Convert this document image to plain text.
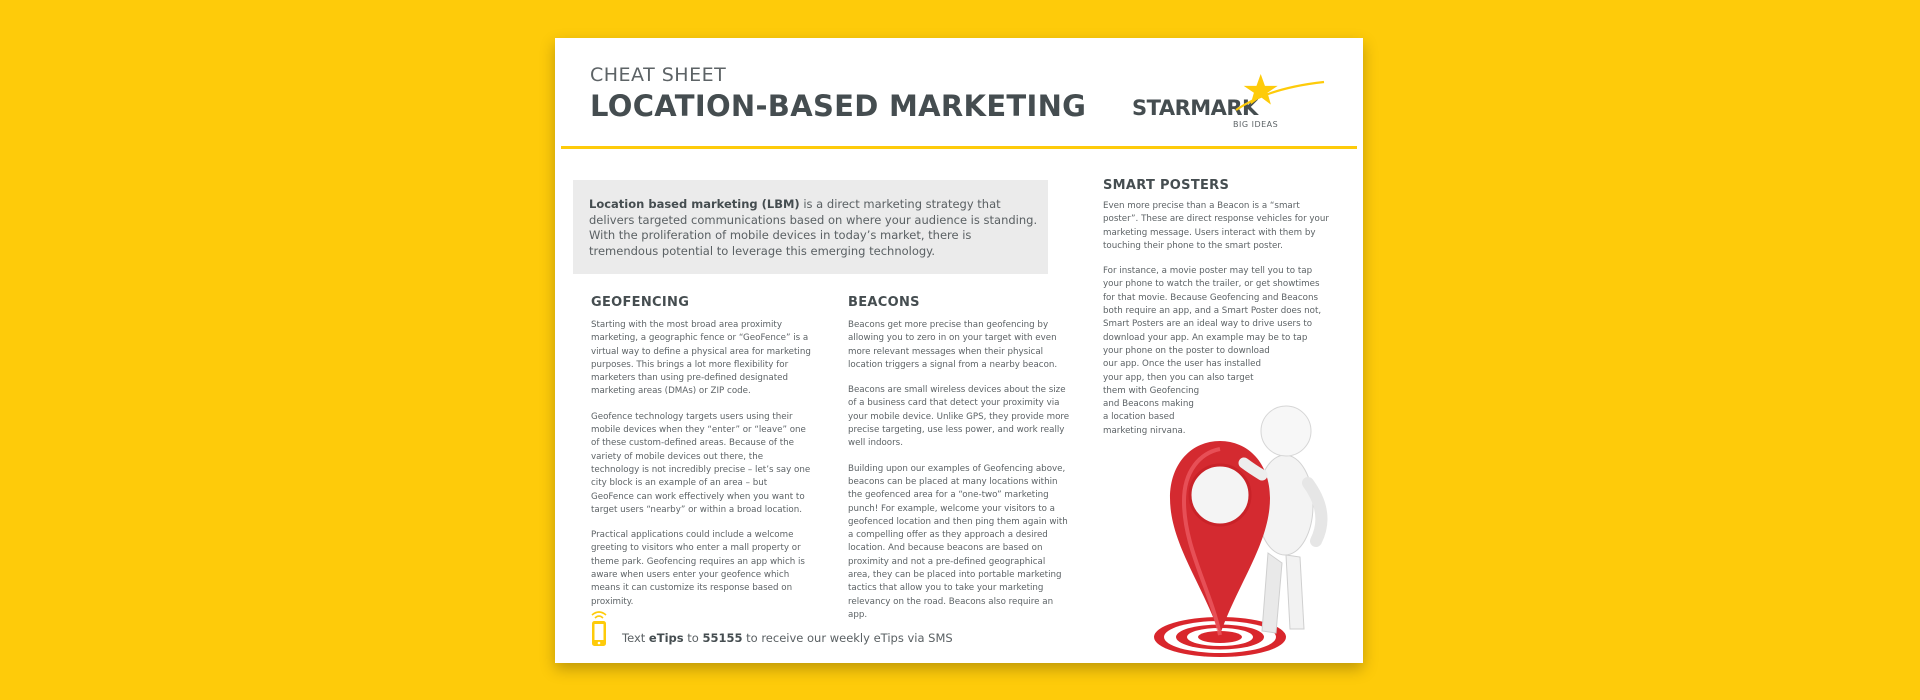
CHEAT SHEET
LOCATION-BASED MARKETING STARMARK
BIG IDEAS

Location based marketing (LBM) is a direct marketing strategy that delivers targeted communications based on where your audience is standing. With the proliferation of mobile devices in today’s market, there is tremendous potential to leverage this emerging technology.

GEOFENCING

Starting with the most broad area proximity marketing, a geographic fence or “GeoFence” is a virtual way to define a physical area for marketing purposes. This brings a lot more flexibility for marketers than using pre-defined designated marketing areas (DMAs) or ZIP code.

Geofence technology targets users using their mobile devices when they “enter” or “leave” one of these custom-defined areas. Because of the variety of mobile devices out there, the technology is not incredibly precise – let’s say one city block is an example of an area – but GeoFence can work effectively when you want to target users “nearby” or within a broad location.

Practical applications could include a welcome greeting to visitors who enter a mall property or theme park. Geofencing requires an app which is aware when users enter your geofence which means it can customize its response based on proximity.

BEACONS

Beacons get more precise than geofencing by allowing you to zero in on your target with even more relevant messages when their physical location triggers a signal from a nearby beacon.

Beacons are small wireless devices about the size of a business card that detect your proximity via your mobile device. Unlike GPS, they provide more precise targeting, use less power, and work really well indoors.

Building upon our examples of Geofencing above, beacons can be placed at many locations within the geofenced area for a “one-two” marketing punch! For example, welcome your visitors to a geofenced location and then ping them again with a compelling offer as they approach a desired location. And because beacons are based on proximity and not a pre-defined geographical area, they can be placed into portable marketing tactics that allow you to take your marketing relevancy on the road. Beacons also require an app.

SMART POSTERS

Even more precise than a Beacon is a “smart poster”. These are direct response vehicles for your marketing message. Users interact with them by touching their phone to the smart poster.

For instance, a movie poster may tell you to tap
your phone to watch the trailer, or get showtimes
for that movie. Because Geofencing and Beacons
both require an app, and a Smart Poster does not,
Smart Posters are an ideal way to drive users to
download your app. An example may be to tap
your phone on the poster to download
our app. Once the user has installed
your app, then you can also target
them with Geofencing
and Beacons making
a location based
marketing nirvana.

Text eTips to 55155 to receive our weekly eTips via SMS
